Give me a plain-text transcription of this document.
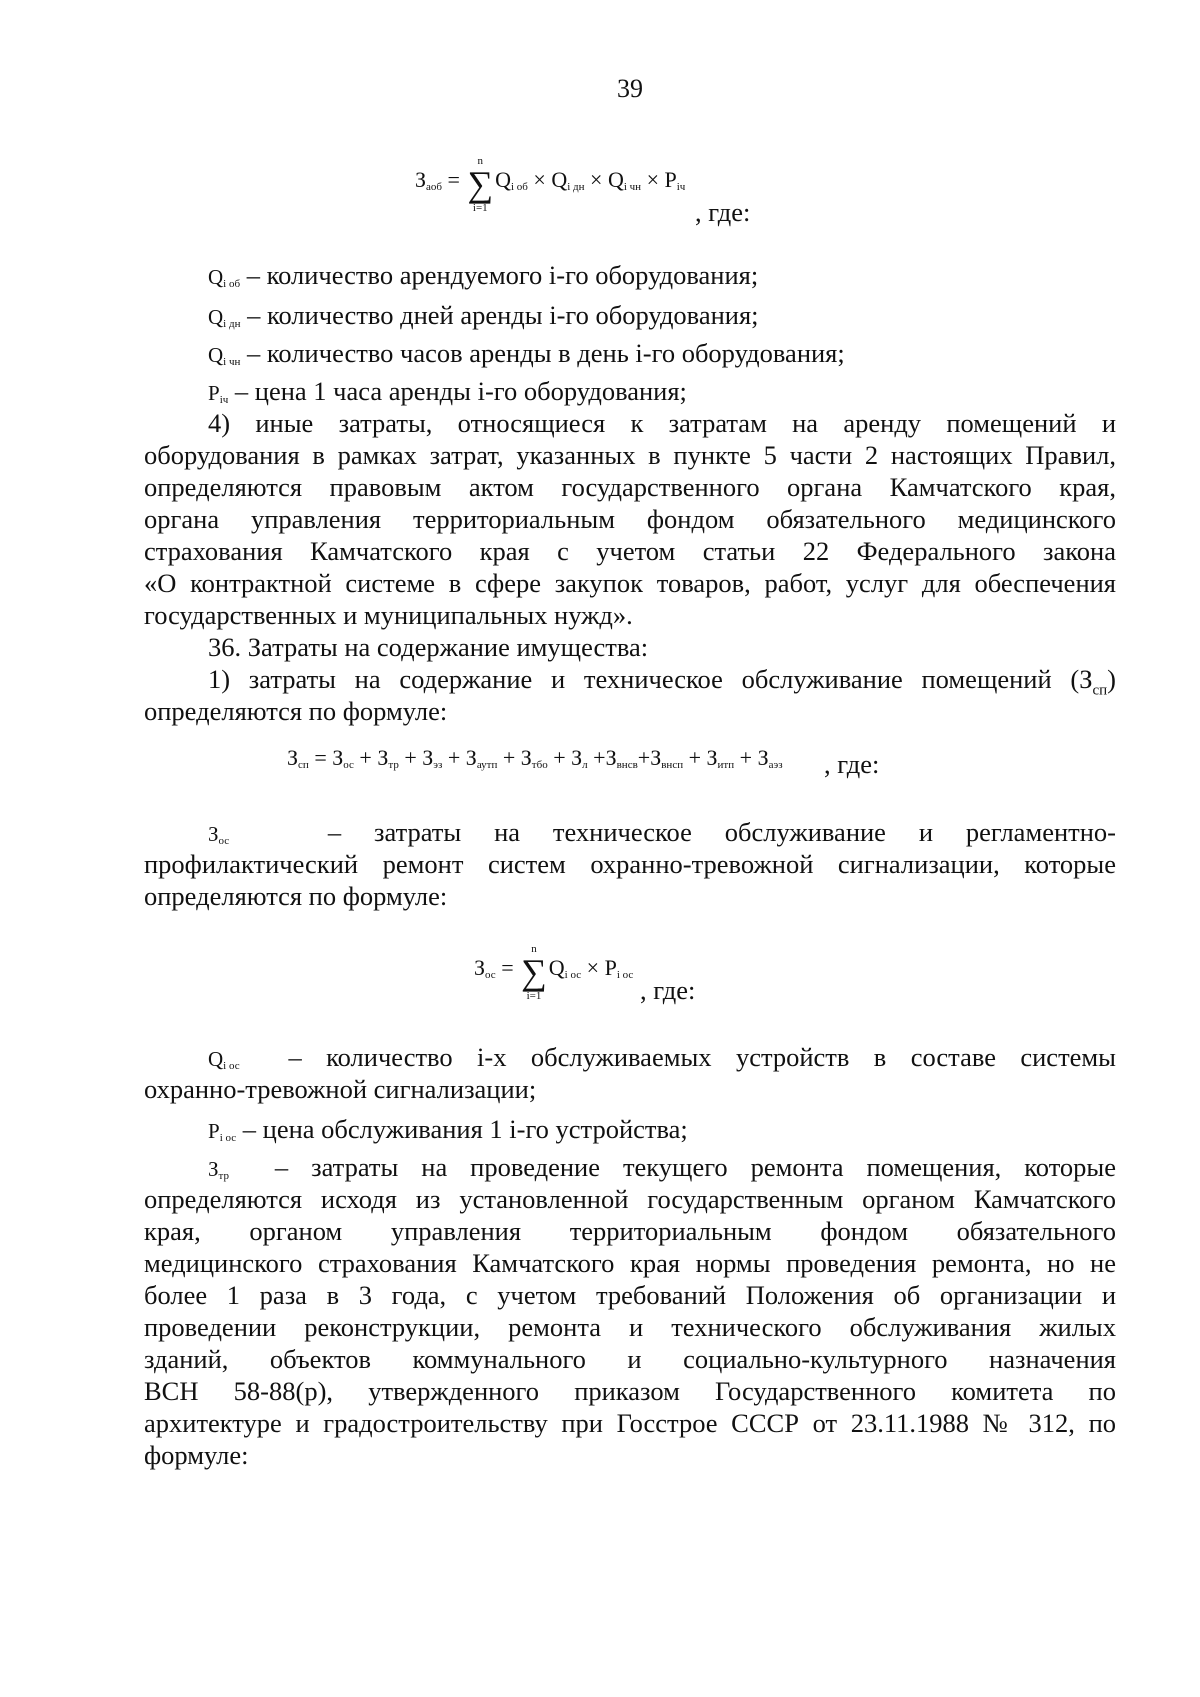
39
$З_{аоб}$ = ∑
n
i=1
$Q_{i об} \times Q_{i дн} \times Q_{i чн} \times P_{iч}$
, где:
$Q_{i об}$ – количество арендуемого i-го оборудования;
$Q_{i дн}$ – количество дней аренды i-го оборудования;
$Q_{i чн}$ – количество часов аренды в день i-го оборудования;
$P_{iч}$ – цена 1 часа аренды i-го оборудования;
4) иные затраты, относящиеся к затратам на аренду помещений и
оборудования в рамках затрат, указанных в пункте 5 части 2 настоящих Правил,
определяются правовым актом государственного органа Камчатского края,
органа управления территориальным фондом обязательного медицинского
страхования Камчатского края с учетом статьи 22 Федерального закона
«О контрактной системе в сфере закупок товаров, работ, услуг для обеспечения
государственных и муниципальных нужд».
36. Затраты на содержание имущества:
1) затраты на содержание и техническое обслуживание помещений $(З_{сп})$
определяются по формуле:
$З_{сп} = З_{ос} + З_{тр} + З_{эз} + З_{аутп} + З_{тбо} + З_л +З_{внсв}+З_{внсп} + З_{итп} + З_{аэз}$ , где:
$З_{ос}$	– затраты на техническое обслуживание и регламентно-
профилактический ремонт систем охранно-тревожной сигнализации, которые
определяются по формуле:
$З_{ос}$ = ∑
n
i=1
$Q_{i ос} \times P_{i ос}$ , где:
$Q_{i ос}$ – количество i-х обслуживаемых устройств в составе системы
охранно-тревожной сигнализации;
$P_{i ос}$ – цена обслуживания 1 i-го устройства;
$З_{тр}$ – затраты на проведение текущего ремонта помещения, которые
определяются исходя из установленной государственным органом Камчатского
края, органом управления территориальным фондом обязательного
медицинского страхования Камчатского края нормы проведения ремонта, но не
более 1 раза в 3 года, с учетом требований Положения об организации и
проведении реконструкции, ремонта и технического обслуживания жилых
зданий, объектов коммунального и социально-культурного назначения
ВСН 58-88(р), утвержденного приказом Государственного комитета по
архитектуре и градостроительству при Госстрое СССР от 23.11.1988 № 312, по
формуле:
